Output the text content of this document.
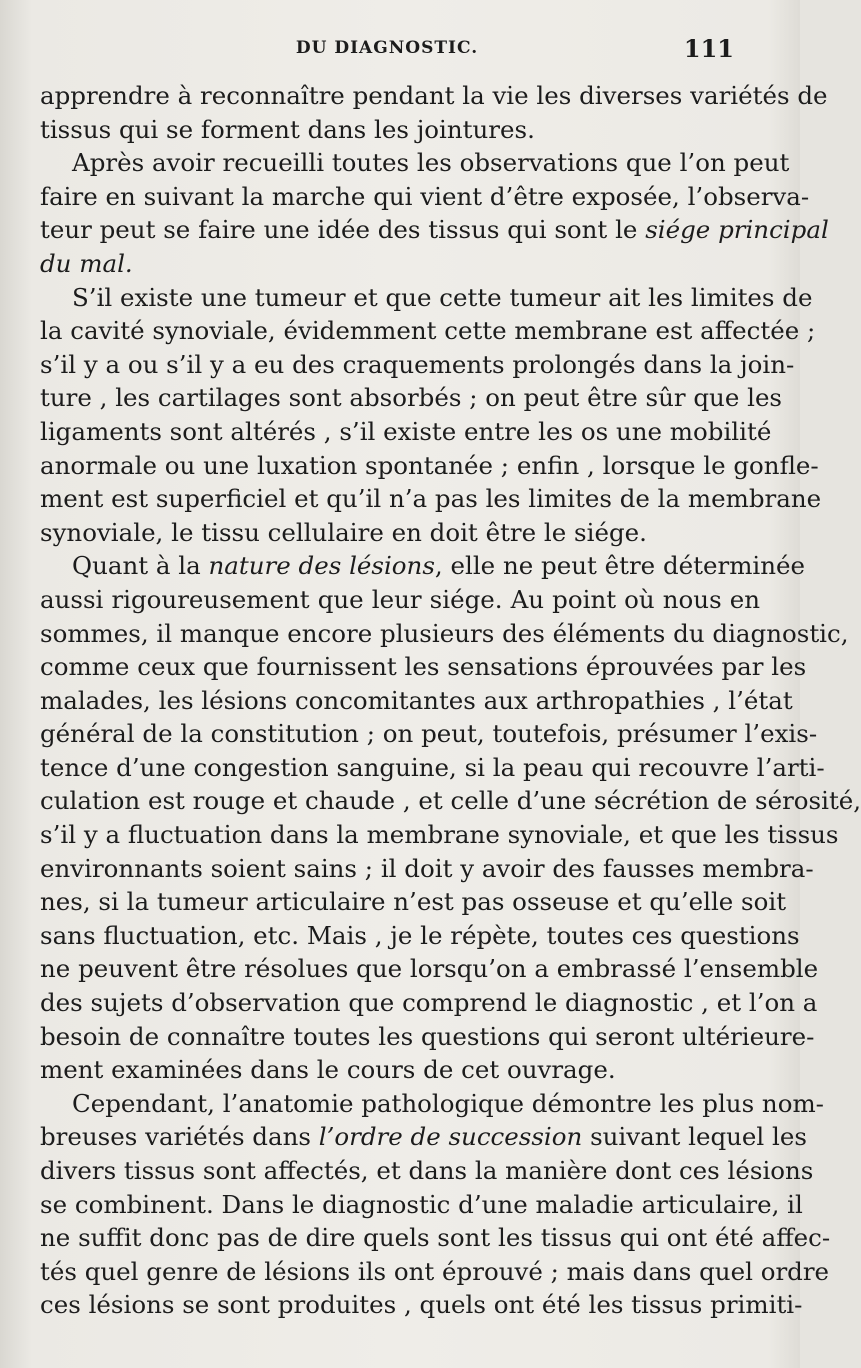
DU DIAGNOSTIC.	111
apprendre à reconnaître pendant la vie les diverses variétés de
tissus qui se forment dans les jointures.
Après avoir recueilli toutes les observations que l’on peut
faire en suivant la marche qui vient d’être exposée, l’observa-
teur peut se faire une idée des tissus qui sont le siége principal
du mal.
S’il existe une tumeur et que cette tumeur ait les limites de
la cavité synoviale, évidemment cette membrane est affectée ;
s’il y a ou s’il y a eu des craquements prolongés dans la join-
ture , les cartilages sont absorbés ; on peut être sûr que les
ligaments sont altérés , s’il existe entre les os une mobilité
anormale ou une luxation spontanée ; enfin , lorsque le gonfle-
ment est superficiel et qu’il n’a pas les limites de la membrane
synoviale, le tissu cellulaire en doit être le siége.
Quant à la nature des lésions, elle ne peut être déterminée
aussi rigoureusement que leur siége. Au point où nous en
sommes, il manque encore plusieurs des éléments du diagnostic,
comme ceux que fournissent les sensations éprouvées par les
malades, les lésions concomitantes aux arthropathies , l’état
général de la constitution ; on peut, toutefois, présumer l’exis-
tence d’une congestion sanguine, si la peau qui recouvre l’arti-
culation est rouge et chaude , et celle d’une sécrétion de sérosité,
s’il y a fluctuation dans la membrane synoviale, et que les tissus
environnants soient sains ; il doit y avoir des fausses membra-
nes, si la tumeur articulaire n’est pas osseuse et qu’elle soit
sans fluctuation, etc. Mais , je le répète, toutes ces questions
ne peuvent être résolues que lorsqu’on a embrassé l’ensemble
des sujets d’observation que comprend le diagnostic , et l’on a
besoin de connaître toutes les questions qui seront ultérieure-
ment examinées dans le cours de cet ouvrage.
Cependant, l’anatomie pathologique démontre les plus nom-
breuses variétés dans l’ordre de succession suivant lequel les
divers tissus sont affectés, et dans la manière dont ces lésions
se combinent. Dans le diagnostic d’une maladie articulaire, il
ne suffit donc pas de dire quels sont les tissus qui ont été affec-
tés quel genre de lésions ils ont éprouvé ; mais dans quel ordre
ces lésions se sont produites , quels ont été les tissus primiti-
